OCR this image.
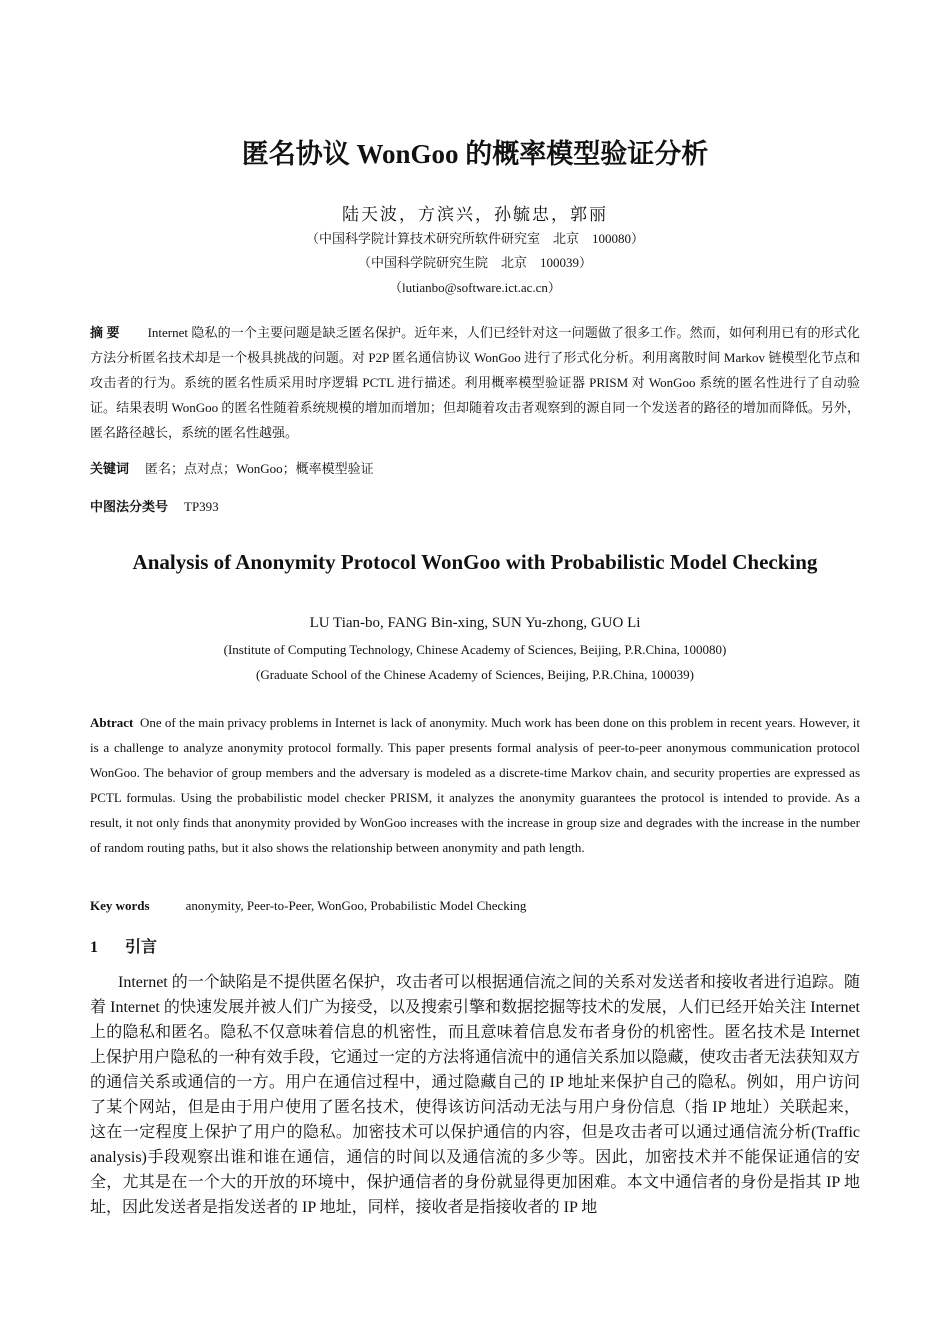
匿名协议 WonGoo 的概率模型验证分析
陆天波，方滨兴，孙毓忠，郭丽
（中国科学院计算技术研究所软件研究室　北京　100080）
（中国科学院研究生院　北京　100039）
（lutianbo@software.ict.ac.cn）
摘 要 Internet 隐私的一个主要问题是缺乏匿名保护。近年来，人们已经针对这一问题做了很多工作。然而，如何利用已有的形式化方法分析匿名技术却是一个极具挑战的问题。对 P2P 匿名通信协议 WonGoo 进行了形式化分析。利用离散时间 Markov 链模型化节点和攻击者的行为。系统的匿名性质采用时序逻辑 PCTL 进行描述。利用概率模型验证器 PRISM 对 WonGoo 系统的匿名性进行了自动验证。结果表明 WonGoo 的匿名性随着系统规模的增加而增加；但却随着攻击者观察到的源自同一个发送者的路径的增加而降低。另外，匿名路径越长，系统的匿名性越强。
关键词 匿名；点对点；WonGoo；概率模型验证
中图法分类号 TP393
Analysis of Anonymity Protocol WonGoo with Probabilistic Model Checking
LU Tian-bo, FANG Bin-xing, SUN Yu-zhong, GUO Li
(Institute of Computing Technology, Chinese Academy of Sciences, Beijing, P.R.China, 100080)
(Graduate School of the Chinese Academy of Sciences, Beijing, P.R.China, 100039)
Abtract One of the main privacy problems in Internet is lack of anonymity. Much work has been done on this problem in recent years. However, it is a challenge to analyze anonymity protocol formally. This paper presents formal analysis of peer-to-peer anonymous communication protocol WonGoo. The behavior of group members and the adversary is modeled as a discrete-time Markov chain, and security properties are expressed as PCTL formulas. Using the probabilistic model checker PRISM, it analyzes the anonymity guarantees the protocol is intended to provide. As a result, it not only finds that anonymity provided by WonGoo increases with the increase in group size and degrades with the increase in the number of random routing paths, but it also shows the relationship between anonymity and path length.
Key words	anonymity, Peer-to-Peer, WonGoo, Probabilistic Model Checking
1 引言
Internet 的一个缺陷是不提供匿名保护，攻击者可以根据通信流之间的关系对发送者和接收者进行追踪。随着 Internet 的快速发展并被人们广为接受，以及搜索引擎和数据挖掘等技术的发展，人们已经开始关注 Internet 上的隐私和匿名。隐私不仅意味着信息的机密性，而且意味着信息发布者身份的机密性。匿名技术是 Internet 上保护用户隐私的一种有效手段，它通过一定的方法将通信流中的通信关系加以隐藏，使攻击者无法获知双方的通信关系或通信的一方。用户在通信过程中，通过隐藏自己的 IP 地址来保护自己的隐私。例如，用户访问了某个网站，但是由于用户使用了匿名技术，使得该访问活动无法与用户身份信息（指 IP 地址）关联起来，这在一定程度上保护了用户的隐私。加密技术可以保护通信的内容，但是攻击者可以通过通信流分析(Traffic analysis)手段观察出谁和谁在通信，通信的时间以及通信流的多少等。因此，加密技术并不能保证通信的安全，尤其是在一个大的开放的环境中，保护通信者的身份就显得更加困难。本文中通信者的身份是指其 IP 地址，因此发送者是指发送者的 IP 地址，同样，接收者是指接收者的 IP 地
